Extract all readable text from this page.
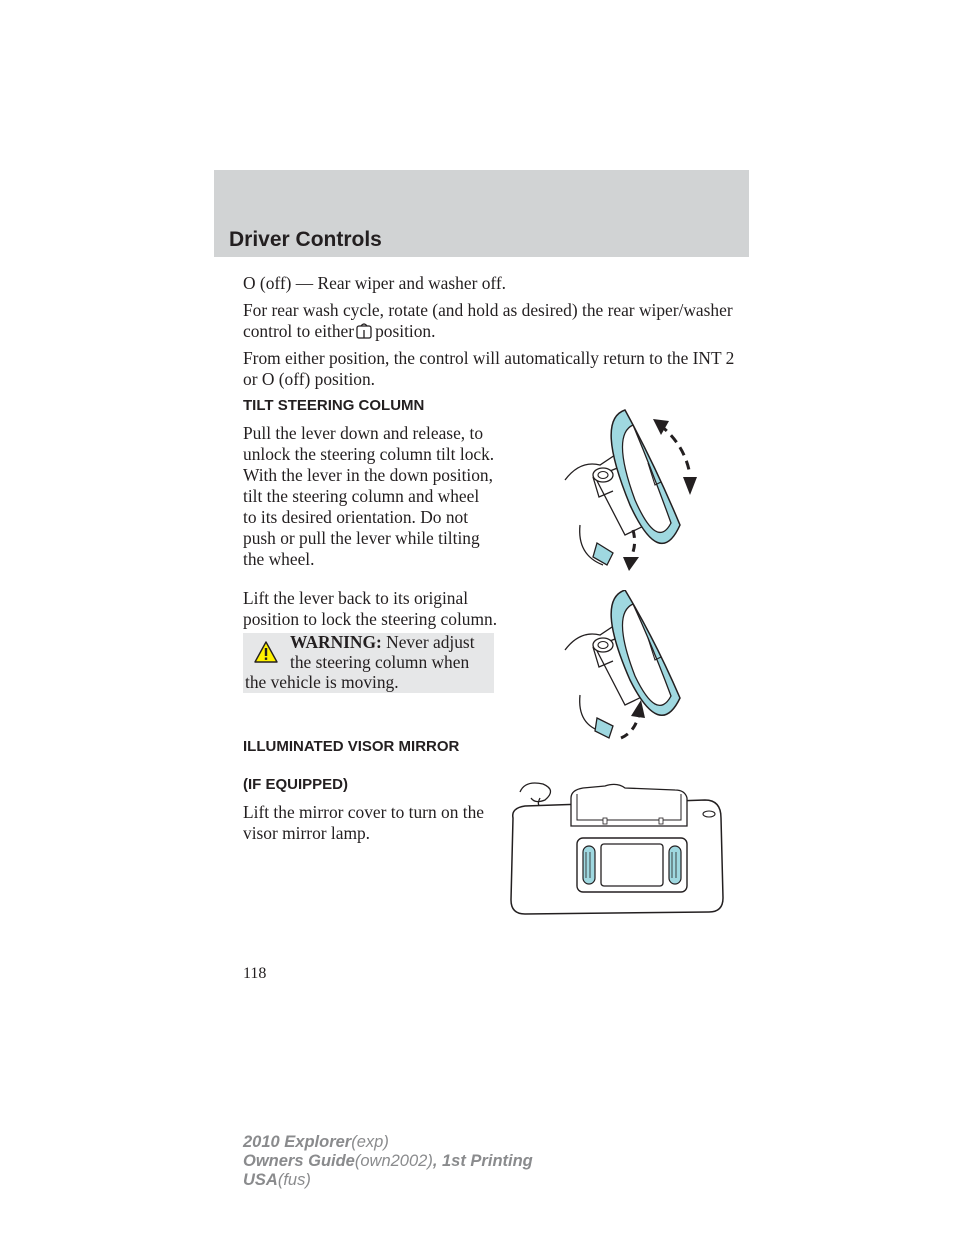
Driver Controls
O (off) — Rear wiper and washer off.
For rear wash cycle, rotate (and hold as desired) the rear wiper/washer
control to either position.
From either position, the control will automatically return to the INT 2
or O (off) position.
TILT STEERING COLUMN
Pull the lever down and release, to
unlock the steering column tilt lock.
With the lever in the down position,
tilt the steering column and wheel
to its desired orientation. Do not
push or pull the lever while tilting
the wheel.
Lift the lever back to its original
position to lock the steering column.
WARNING: Never adjust
the steering column when
the vehicle is moving.
ILLUMINATED VISOR MIRROR
(IF EQUIPPED)
Lift the mirror cover to turn on the
visor mirror lamp.
118
2010 Explorer(exp)
Owners Guide(own2002), 1st Printing
USA(fus)
